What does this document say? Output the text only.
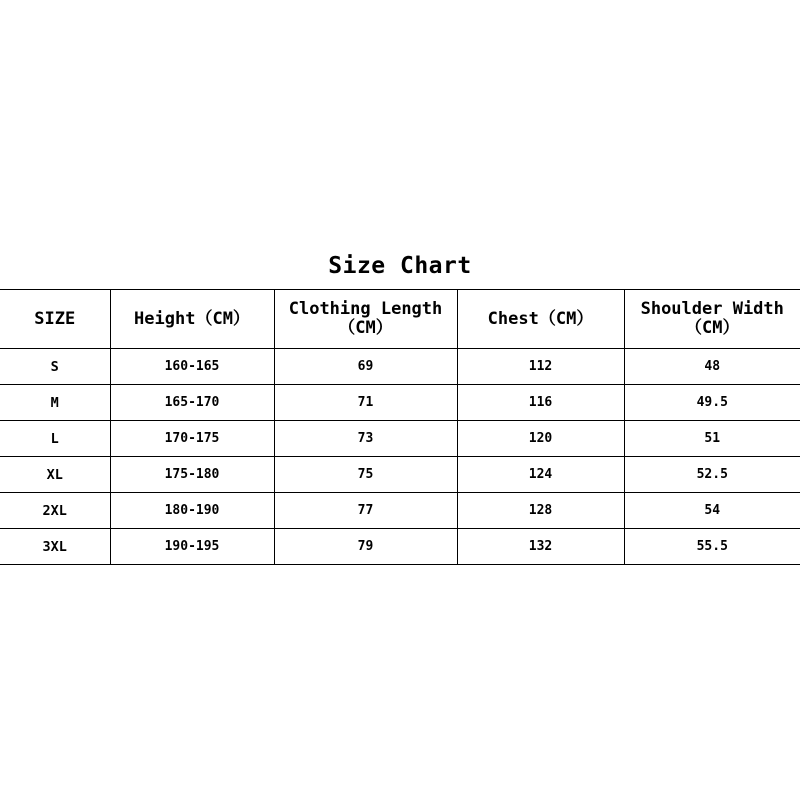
Size Chart
SIZE	Height（CM）	Clothing Length（CM）	Chest（CM）	Shoulder Width（CM）
S	160-165	69	112	48
M	165-170	71	116	49.5
L	170-175	73	120	51
XL	175-180	75	124	52.5
2XL	180-190	77	128	54
3XL	190-195	79	132	55.5
